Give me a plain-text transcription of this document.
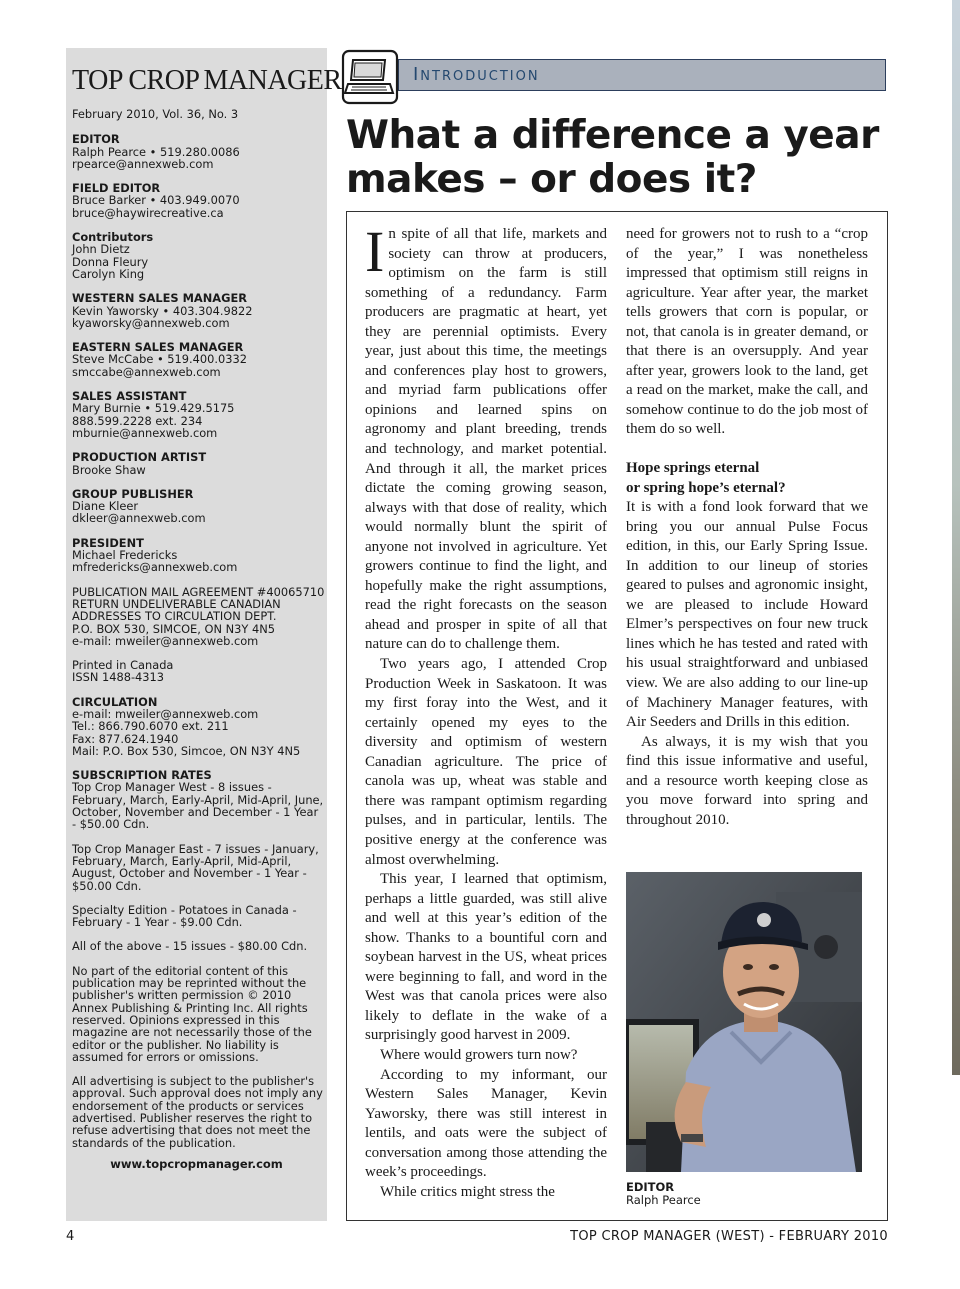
TOP CROP MANAGER
February 2010, Vol. 36, No. 3
EDITOR
Ralph Pearce • 519.280.0086
rpearce@annexweb.com
FIELD EDITOR
Bruce Barker • 403.949.0070
bruce@haywirecreative.ca
Contributors
John Dietz
Donna Fleury
Carolyn King
WESTERN SALES MANAGER
Kevin Yaworsky • 403.304.9822
kyaworsky@annexweb.com
EASTERN SALES MANAGER
Steve McCabe • 519.400.0332
smccabe@annexweb.com
SALES ASSISTANT
Mary Burnie • 519.429.5175
888.599.2228 ext. 234
mburnie@annexweb.com
PRODUCTION ARTIST
Brooke Shaw
GROUP PUBLISHER
Diane Kleer
dkleer@annexweb.com
PRESIDENT
Michael Fredericks
mfredericks@annexweb.com
PUBLICATION MAIL AGREEMENT #40065710
RETURN UNDELIVERABLE CANADIAN
ADDRESSES TO CIRCULATION DEPT.
P.O. BOX 530, SIMCOE, ON N3Y 4N5
e-mail: mweiler@annexweb.com
Printed in Canada
ISSN 1488-4313
CIRCULATION
e-mail: mweiler@annexweb.com
Tel.: 866.790.6070 ext. 211
Fax: 877.624.1940
Mail: P.O. Box 530, Simcoe, ON N3Y 4N5
SUBSCRIPTION RATES
Top Crop Manager West - 8 issues - February, March, Early-April, Mid-April, June, October, November and December - 1 Year - $50.00 Cdn.
Top Crop Manager East - 7 issues - January, February, March, Early-April, Mid-April, August, October and November - 1 Year - $50.00 Cdn.
Specialty Edition - Potatoes in Canada - February - 1 Year - $9.00 Cdn.
All of the above - 15 issues - $80.00 Cdn.
No part of the editorial content of this publication may be reprinted without the publisher's written permission © 2010 Annex Publishing & Printing Inc. All rights reserved. Opinions expressed in this magazine are not necessarily those of the editor or the publisher. No liability is assumed for errors or omissions.
All advertising is subject to the publisher's approval. Such approval does not imply any endorsement of the products or services advertised. Publisher reserves the right to refuse advertising that does not meet the standards of the publication.
www.topcropmanager.com
Introduction
What a difference a year makes – or does it?

In spite of all that life, markets and society can throw at producers, optimism on the farm is still something of a redundancy. Farm producers are pragmatic at heart, yet they are perennial optimists. Every year, just about this time, the meetings and conferences play host to growers, and myriad farm publications offer opinions and learned spins on agronomy and plant breeding, trends and technology, and market potential. And through it all, the market prices dictate the coming growing season, always with that dose of reality, which would normally blunt the spirit of anyone not involved in agriculture. Yet growers continue to find the light, and hopefully make the right assumptions, read the right forecasts on the season ahead and prosper in spite of all that nature can do to challenge them.

Two years ago, I attended Crop Production Week in Saskatoon. It was my first foray into the West, and it certainly opened my eyes to the diversity and optimism of western Canadian agriculture. The price of canola was up, wheat was stable and there was rampant optimism regarding pulses, and in particular, lentils. The positive energy at the conference was almost overwhelming.

This year, I learned that optimism, perhaps a little guarded, was still alive and well at this year’s edition of the show. Thanks to a bountiful corn and soybean harvest in the US, wheat prices were beginning to fall, and word in the West was that canola prices were also likely to deflate in the wake of a surprisingly good harvest in 2009.

Where would growers turn now?

According to my informant, our Western Sales Manager, Kevin Yaworsky, there was still interest in lentils, and oats were the subject of conversation among those attending the week’s proceedings.

While critics might stress the

need for growers not to rush to a “crop of the year,” I was nonetheless impressed that optimism still reigns in agriculture. Year after year, the market tells growers that corn is popular, or not, that canola is in greater demand, or that there is an oversupply. And year after year, growers look to the land, get a read on the market, make the call, and somehow continue to do the job most of them do so well.

Hope springs eternal
or spring hope’s eternal?

It is with a fond look forward that we bring you our annual Pulse Focus edition, in this, our Early Spring Issue. In addition to our lineup of stories geared to pulses and agronomic insight, we are pleased to include Howard Elmer’s perspectives on four new truck lines which he has tested and rated with his usual straightforward and unbiased view. We are also adding to our line-up of Machinery Manager features, with Air Seeders and Drills in this edition.

As always, it is my wish that you find this issue informative and useful, and a resource worth keeping close as you move forward into spring and throughout 2010.

EDITOR
Ralph Pearce
4	TOP CROP MANAGER (WEST) - FEBRUARY 2010
